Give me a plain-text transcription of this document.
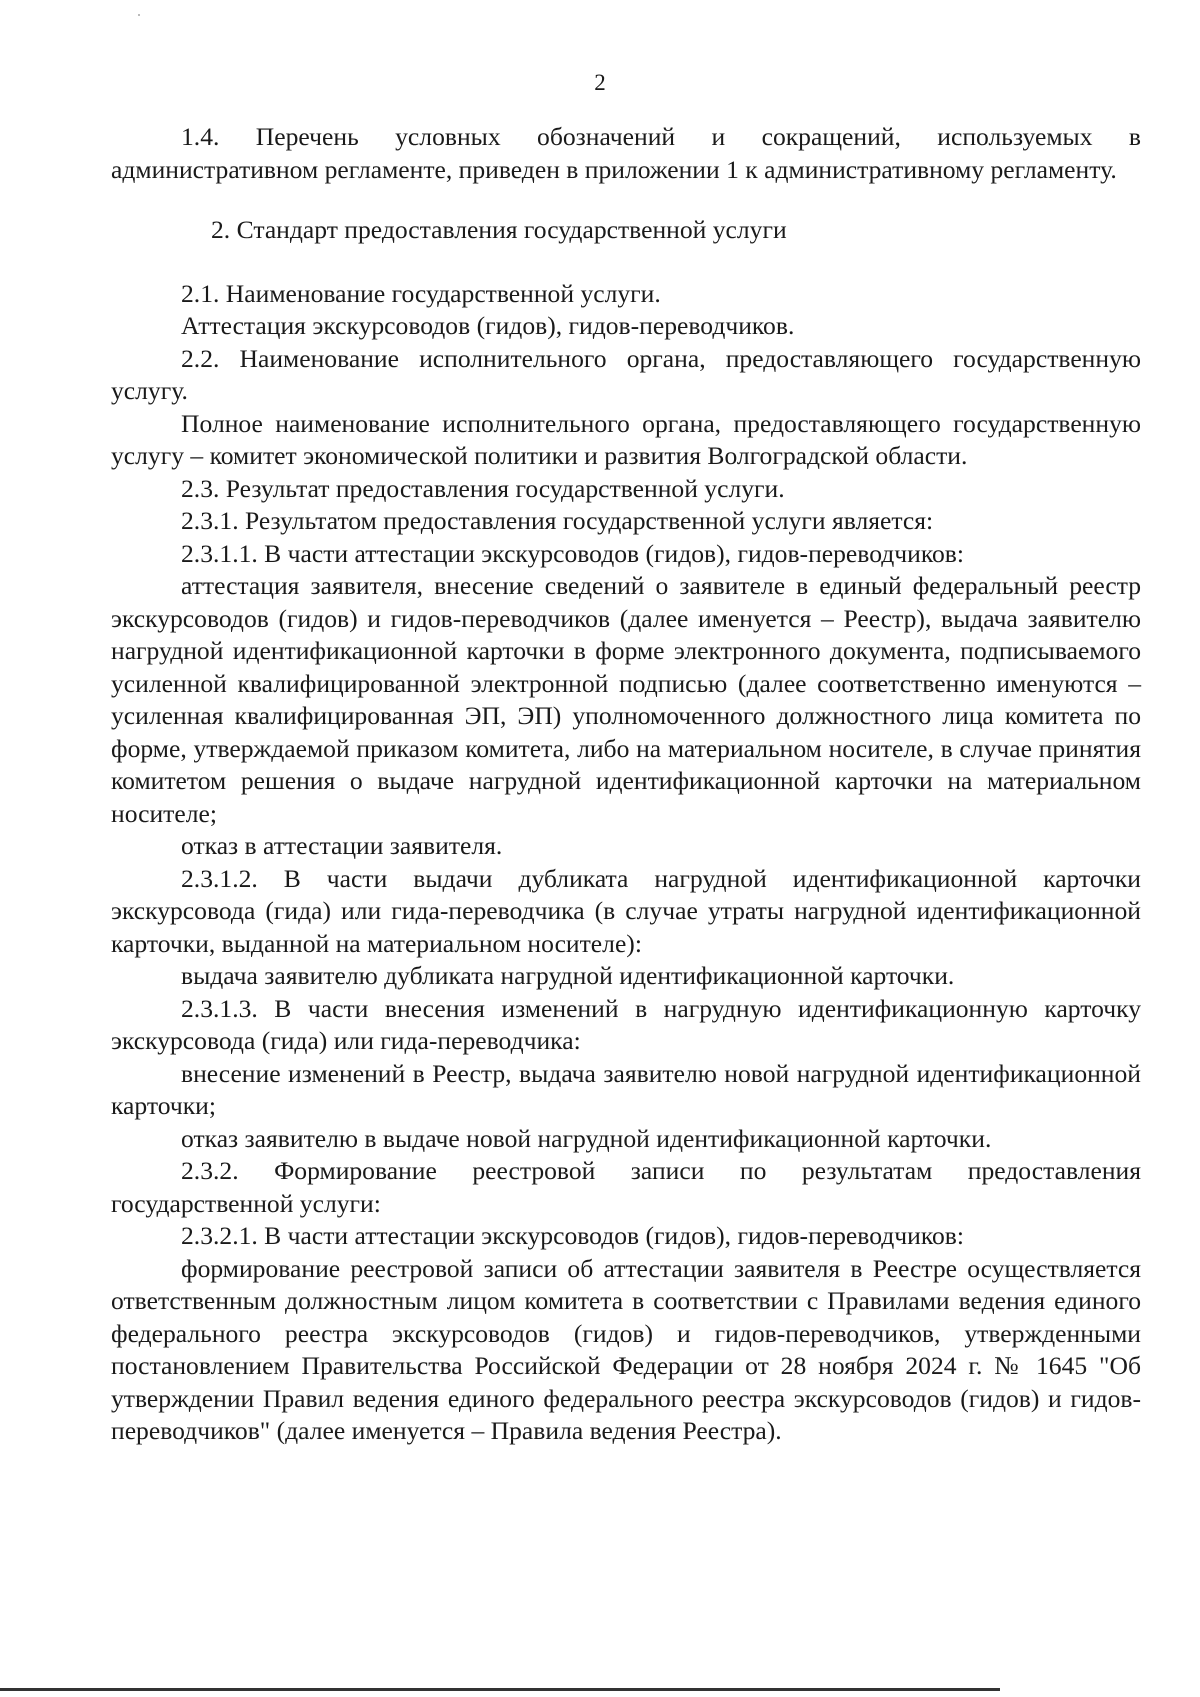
2

1.4. Перечень условных обозначений и сокращений, используемых в административном регламенте, приведен в приложении 1 к административному регламенту.

2. Стандарт предоставления государственной услуги

2.1. Наименование государственной услуги.

Аттестация экскурсоводов (гидов), гидов-переводчиков.

2.2. Наименование исполнительного органа, предоставляющего государственную услугу.

Полное наименование исполнительного органа, предоставляющего государственную услугу – комитет экономической политики и развития Волгоградской области.

2.3. Результат предоставления государственной услуги.

2.3.1. Результатом предоставления государственной услуги является:

2.3.1.1. В части аттестации экскурсоводов (гидов), гидов-переводчиков:

аттестация заявителя, внесение сведений о заявителе в единый федеральный реестр экскурсоводов (гидов) и гидов-переводчиков (далее именуется – Реестр), выдача заявителю нагрудной идентификационной карточки в форме электронного документа, подписываемого усиленной квалифицированной электронной подписью (далее соответственно именуются – усиленная квалифицированная ЭП, ЭП) уполномоченного должностного лица комитета по форме, утверждаемой приказом комитета, либо на материальном носителе, в случае принятия комитетом решения о выдаче нагрудной идентификационной карточки на материальном носителе;

отказ в аттестации заявителя.

2.3.1.2. В части выдачи дубликата нагрудной идентификационной карточки экскурсовода (гида) или гида-переводчика (в случае утраты нагрудной идентификационной карточки, выданной на материальном носителе):

выдача заявителю дубликата нагрудной идентификационной карточки.

2.3.1.3. В части внесения изменений в нагрудную идентификационную карточку экскурсовода (гида) или гида-переводчика:

внесение изменений в Реестр, выдача заявителю новой нагрудной идентификационной карточки;

отказ заявителю в выдаче новой нагрудной идентификационной карточки.

2.3.2. Формирование реестровой записи по результатам предоставления государственной услуги:

2.3.2.1. В части аттестации экскурсоводов (гидов), гидов-переводчиков:

формирование реестровой записи об аттестации заявителя в Реестре осуществляется ответственным должностным лицом комитета в соответствии с Правилами ведения единого федерального реестра экскурсоводов (гидов) и гидов-переводчиков, утвержденными постановлением Правительства Российской Федерации от 28 ноября 2024 г. № 1645 "Об утверждении Правил ведения единого федерального реестра экскурсоводов (гидов) и гидов-переводчиков" (далее именуется – Правила ведения Реестра).
